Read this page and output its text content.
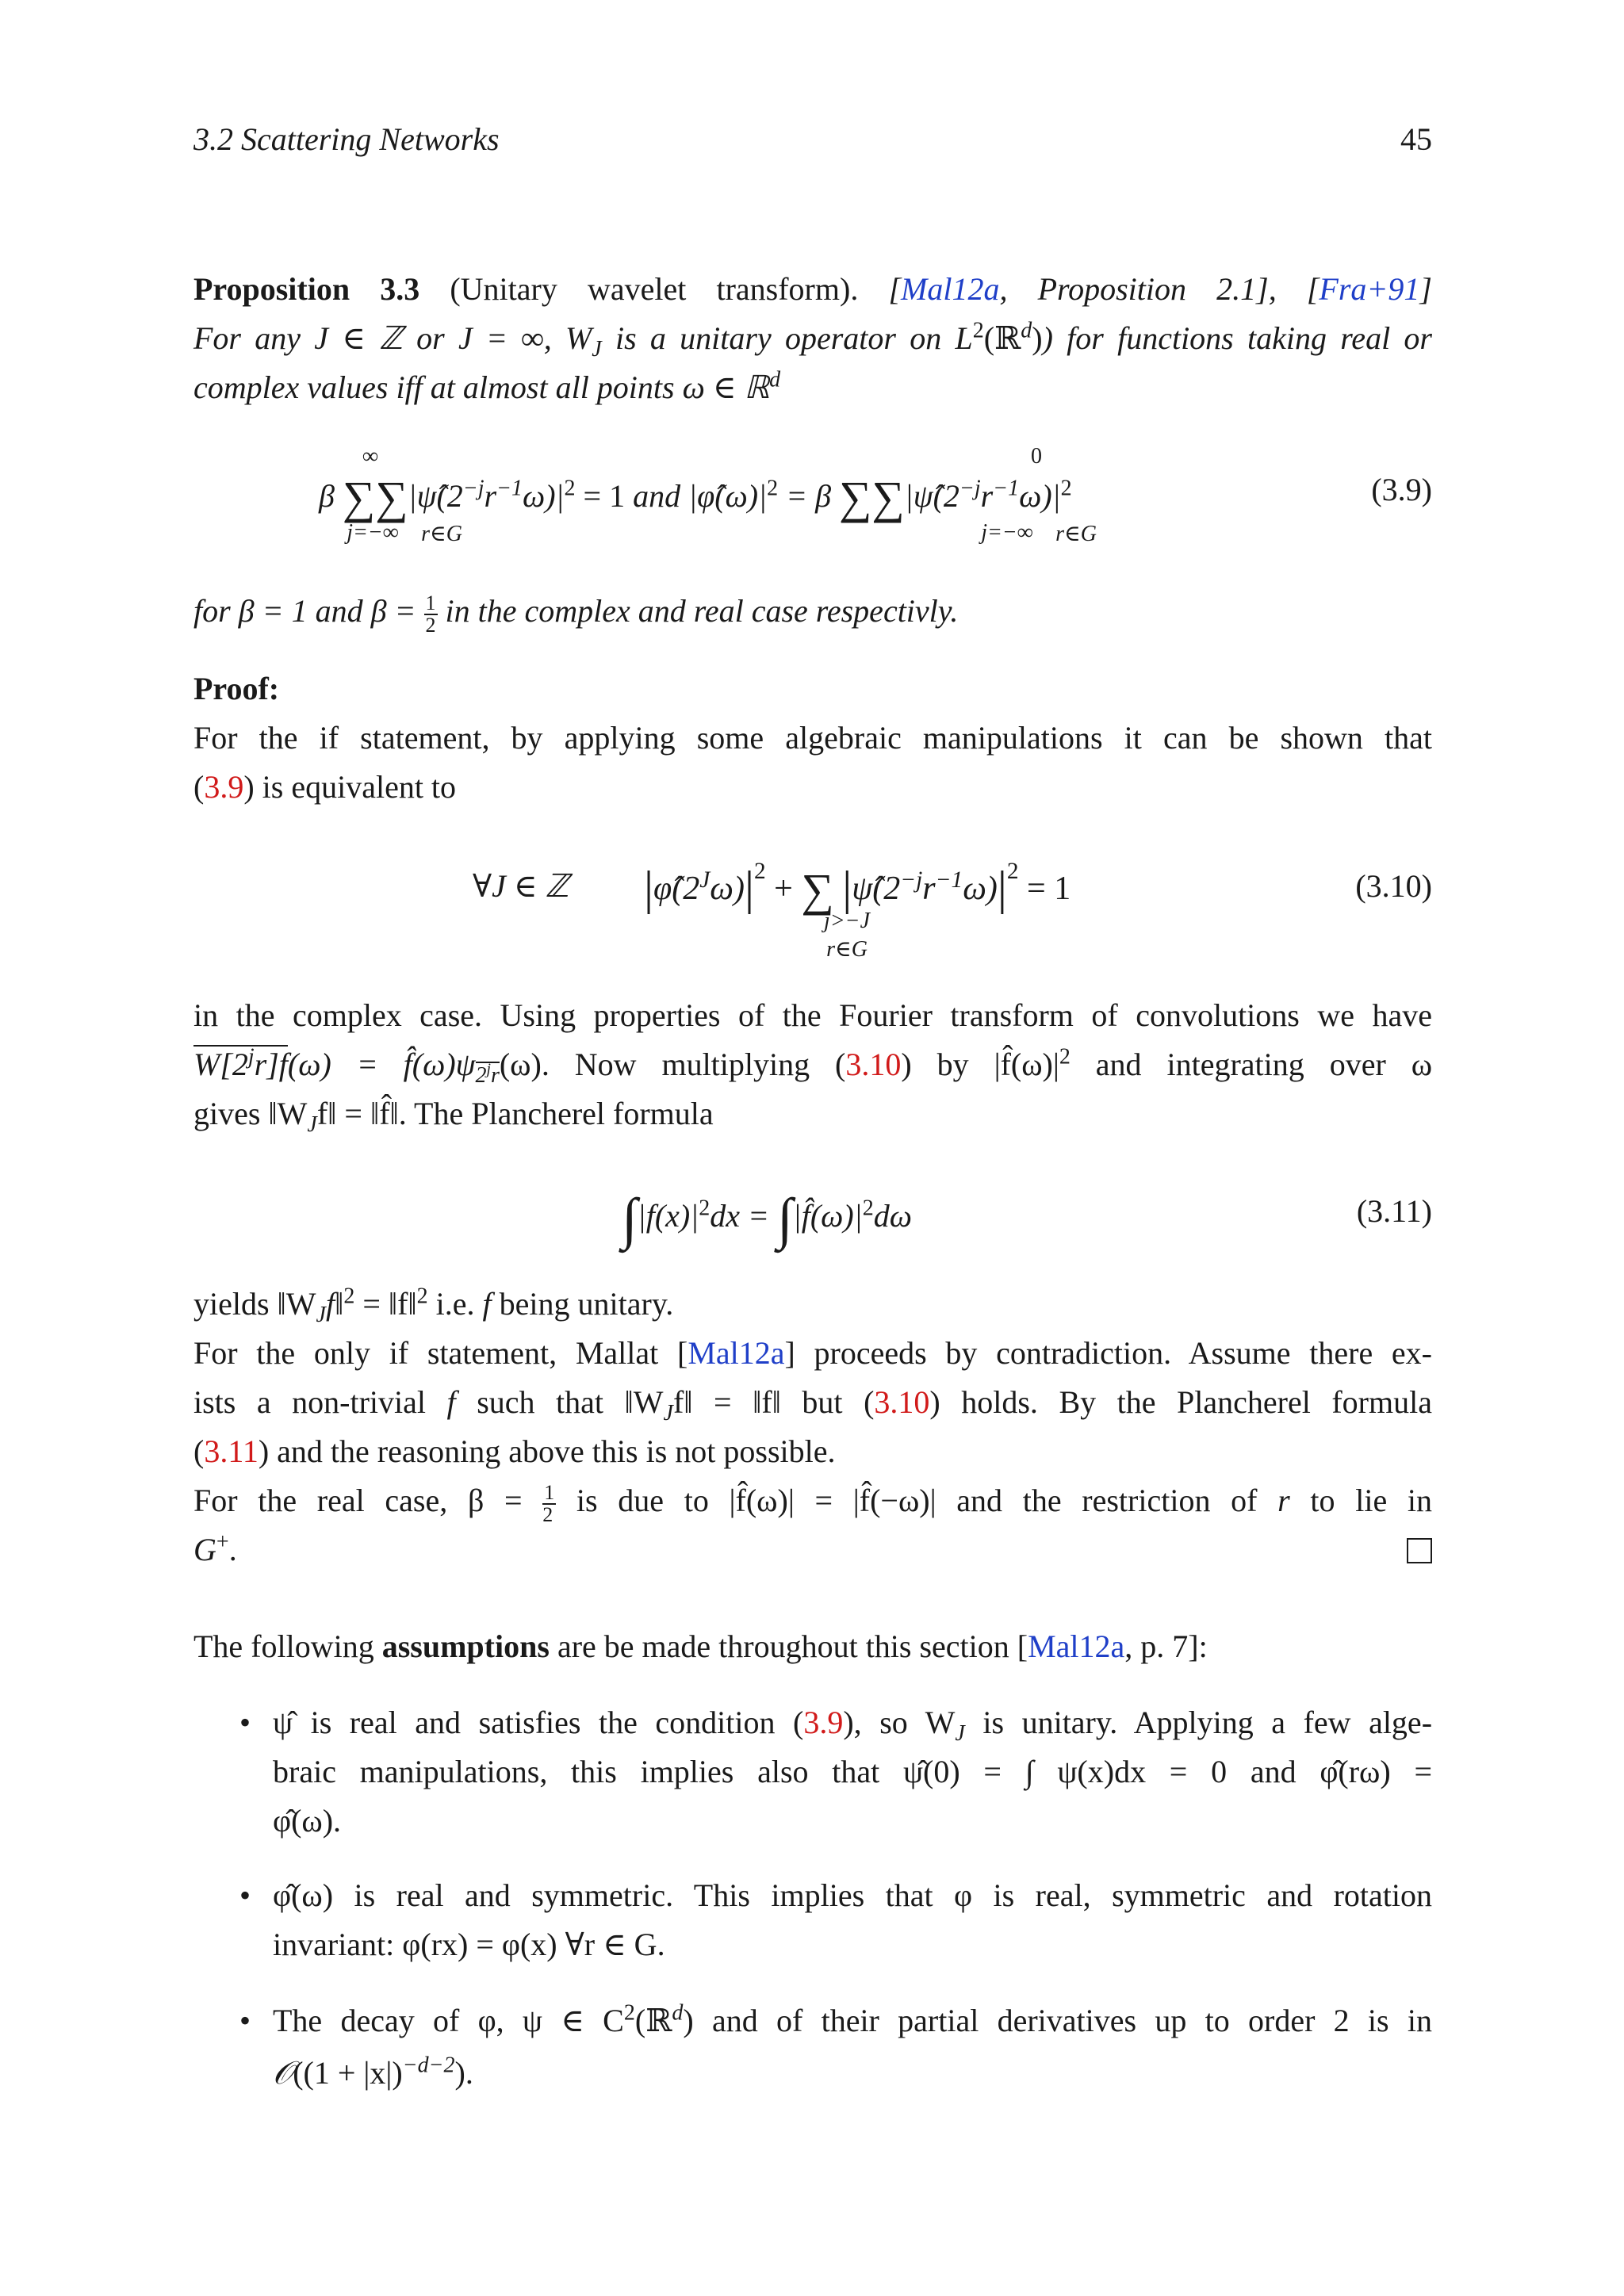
3.2 Scattering Networks	45
Proposition 3.3 (Unitary wavelet transform). [Mal12a, Proposition 2.1], [Fra+91]
For any J ∈ ℤ or J = ∞, $W_J$ is a unitary operator on $L^2(ℝ^d)$) for functions taking real or
complex values iff at almost all points ω ∈ ℝ$^d$
β $\sum\sum|\psî(2^{-j}r^{-1}\omega)|^2 = 1$ and $|\varphî(\omega)|^2 = \beta$ $\sum\sum|\psî(2^{-j}r^{-1}\omega)|^2$
∞
j=−∞	r∈G
0
j=−∞	r∈G
(3.9)
for β = 1 and $\beta = \frac{1}{2}$ in the complex and real case respectivly.
Proof:
For the if statement, by applying some algebraic manipulations it can be shown that
(3.9) is equivalent to
∀J ∈ ℤ $|\varphî(2^J\omega)|^2$ + ∑ $|\psî(2^{-j}r^{-1}\omega)|^2 = 1$
j>−J
r∈G
(3.10)
in the complex case. Using properties of the Fourier transform of convolutions we have
$W[2^jr]f(\omega)$ = $f̂(\omega)\psi_{2^jr}(\omega)$. Now multiplying (3.10) by $|f̂(\omega)|^2$ and integrating over ω
gives $‖W_Jf‖$ = ‖f̂‖. The Plancherel formula
$\int|f(x)|^2dx$ = $\int|f̂(\omega)|^2d\omega$	(3.11)
yields $‖W_Jf‖^2$ = ‖f‖$^2$ i.e. f being unitary.
For the only if statement, Mallat [Mal12a] proceeds by contradiction. Assume there ex-
ists a non-trivial f such that $‖W_Jf‖$ = ‖f‖ but (3.10) holds. By the Plancherel formula
(3.11) and the reasoning above this is not possible.
For the real case, $\beta = \frac{1}{2}$ is due to |f̂(ω)| = |f̂(−ω)| and the restriction of r to lie in
G+.
The following assumptions are be made throughout this section [Mal12a, p. 7]:
• ψ̂ is real and satisfies the condition (3.9), so $W_J$ is unitary. Applying a few alge-
braic manipulations, this implies also that ψ̂(0) = ∫ ψ(x)dx = 0 and φ̂(rω) =
φ̂(ω).
• φ̂(ω) is real and symmetric. This implies that φ is real, symmetric and rotation
invariant: φ(rx) = φ(x) ∀r ∈ G.
• The decay of φ, ψ ∈ $C^2(ℝ^d)$ and of their partial derivatives up to order 2 is in
𝒪((1 + |x|)$^{-d-2}$).
